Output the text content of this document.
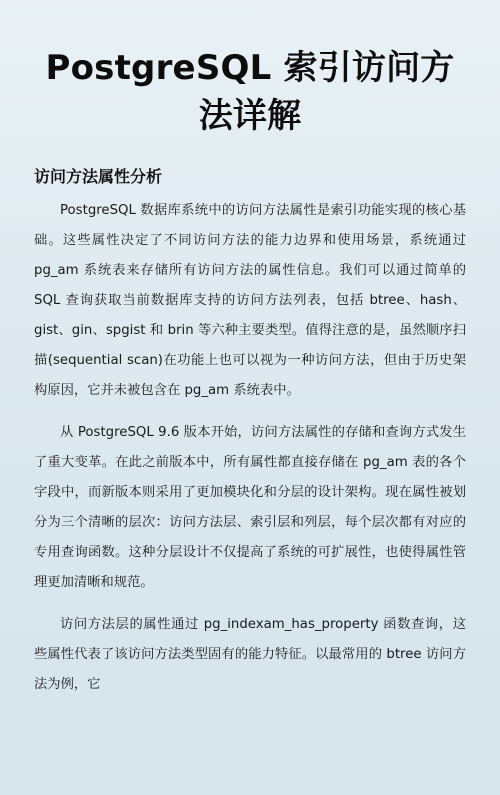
PostgreSQL 索引访问方法详解
访问方法属性分析

PostgreSQL 数据库系统中的访问方法属性是索引功能实现的核心基础。这些属性决定了不同访问方法的能力边界和使用场景，系统通过 pg_am 系统表来存储所有访问方法的属性信息。我们可以通过简单的 SQL 查询获取当前数据库支持的访问方法列表，包括 btree、hash、gist、gin、spgist 和 brin 等六种主要类型。值得注意的是，虽然顺序扫描(sequential scan)在功能上也可以视为一种访问方法，但由于历史架构原因，它并未被包含在 pg_am 系统表中。

从 PostgreSQL 9.6 版本开始，访问方法属性的存储和查询方式发生了重大变革。在此之前版本中，所有属性都直接存储在 pg_am 表的各个字段中，而新版本则采用了更加模块化和分层的设计架构。现在属性被划分为三个清晰的层次：访问方法层、索引层和列层，每个层次都有对应的专用查询函数。这种分层设计不仅提高了系统的可扩展性，也使得属性管理更加清晰和规范。

访问方法层的属性通过 pg_indexam_has_property 函数查询，这些属性代表了该访问方法类型固有的能力特征。以最常用的 btree 访问方法为例，它
